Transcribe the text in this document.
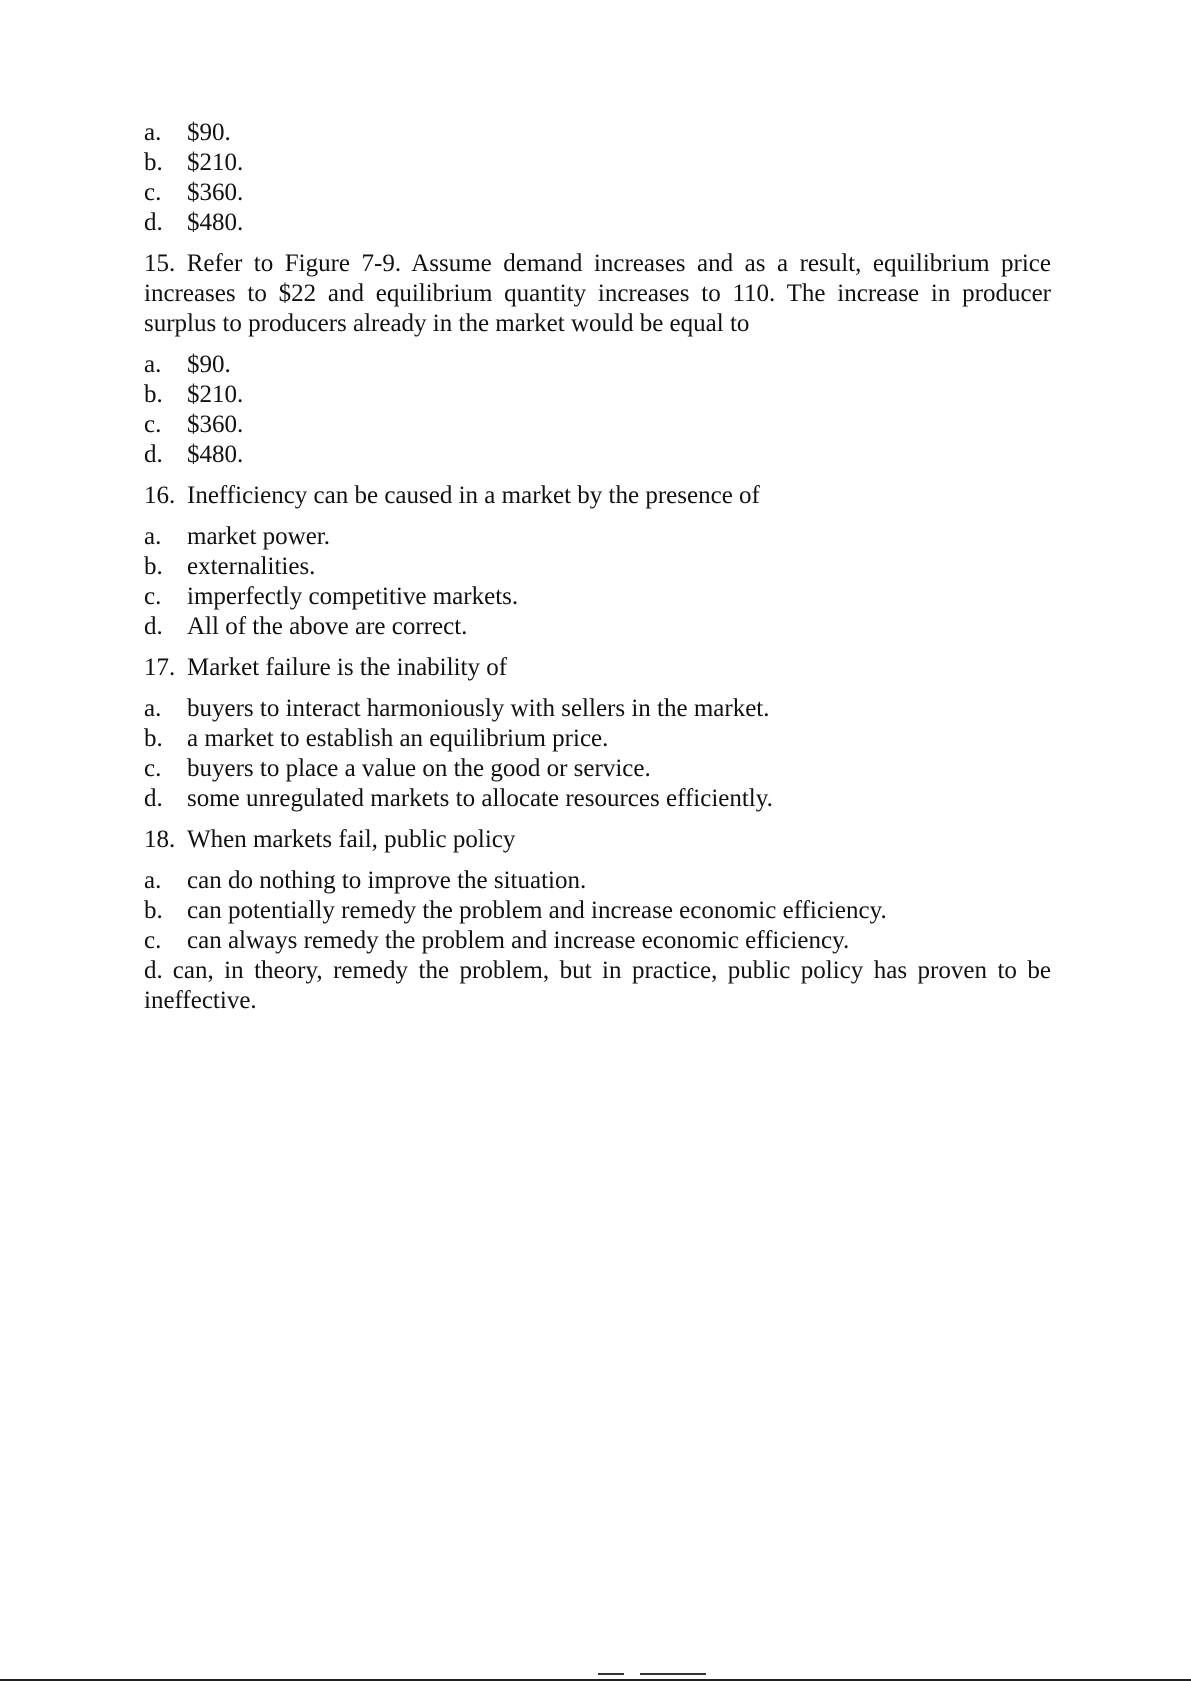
a.	$90.
b. $210.
c.	$360.
d. $480.
15. Refer to Figure 7-9. Assume demand increases and as a result, equilibrium price increases to $22 and equilibrium quantity increases to 110. The increase in producer surplus to producers already in the market would be equal to
a.	$90.
b. $210.
c.	$360.
d. $480.
16. Inefficiency can be caused in a market by the presence of
a.	market power.
b. externalities.
c.	imperfectly competitive markets.
d. All of the above are correct.
17. Market failure is the inability of
a.	buyers to interact harmoniously with sellers in the market.
b. a market to establish an equilibrium price.
c.	buyers to place a value on the good or service.
d. some unregulated markets to allocate resources efficiently.
18. When markets fail, public policy
a.	can do nothing to improve the situation.
b. can potentially remedy the problem and increase economic efficiency.
c.	can always remedy the problem and increase economic efficiency.
d. can, in theory, remedy the problem, but in practice, public policy has proven to be ineffective.
